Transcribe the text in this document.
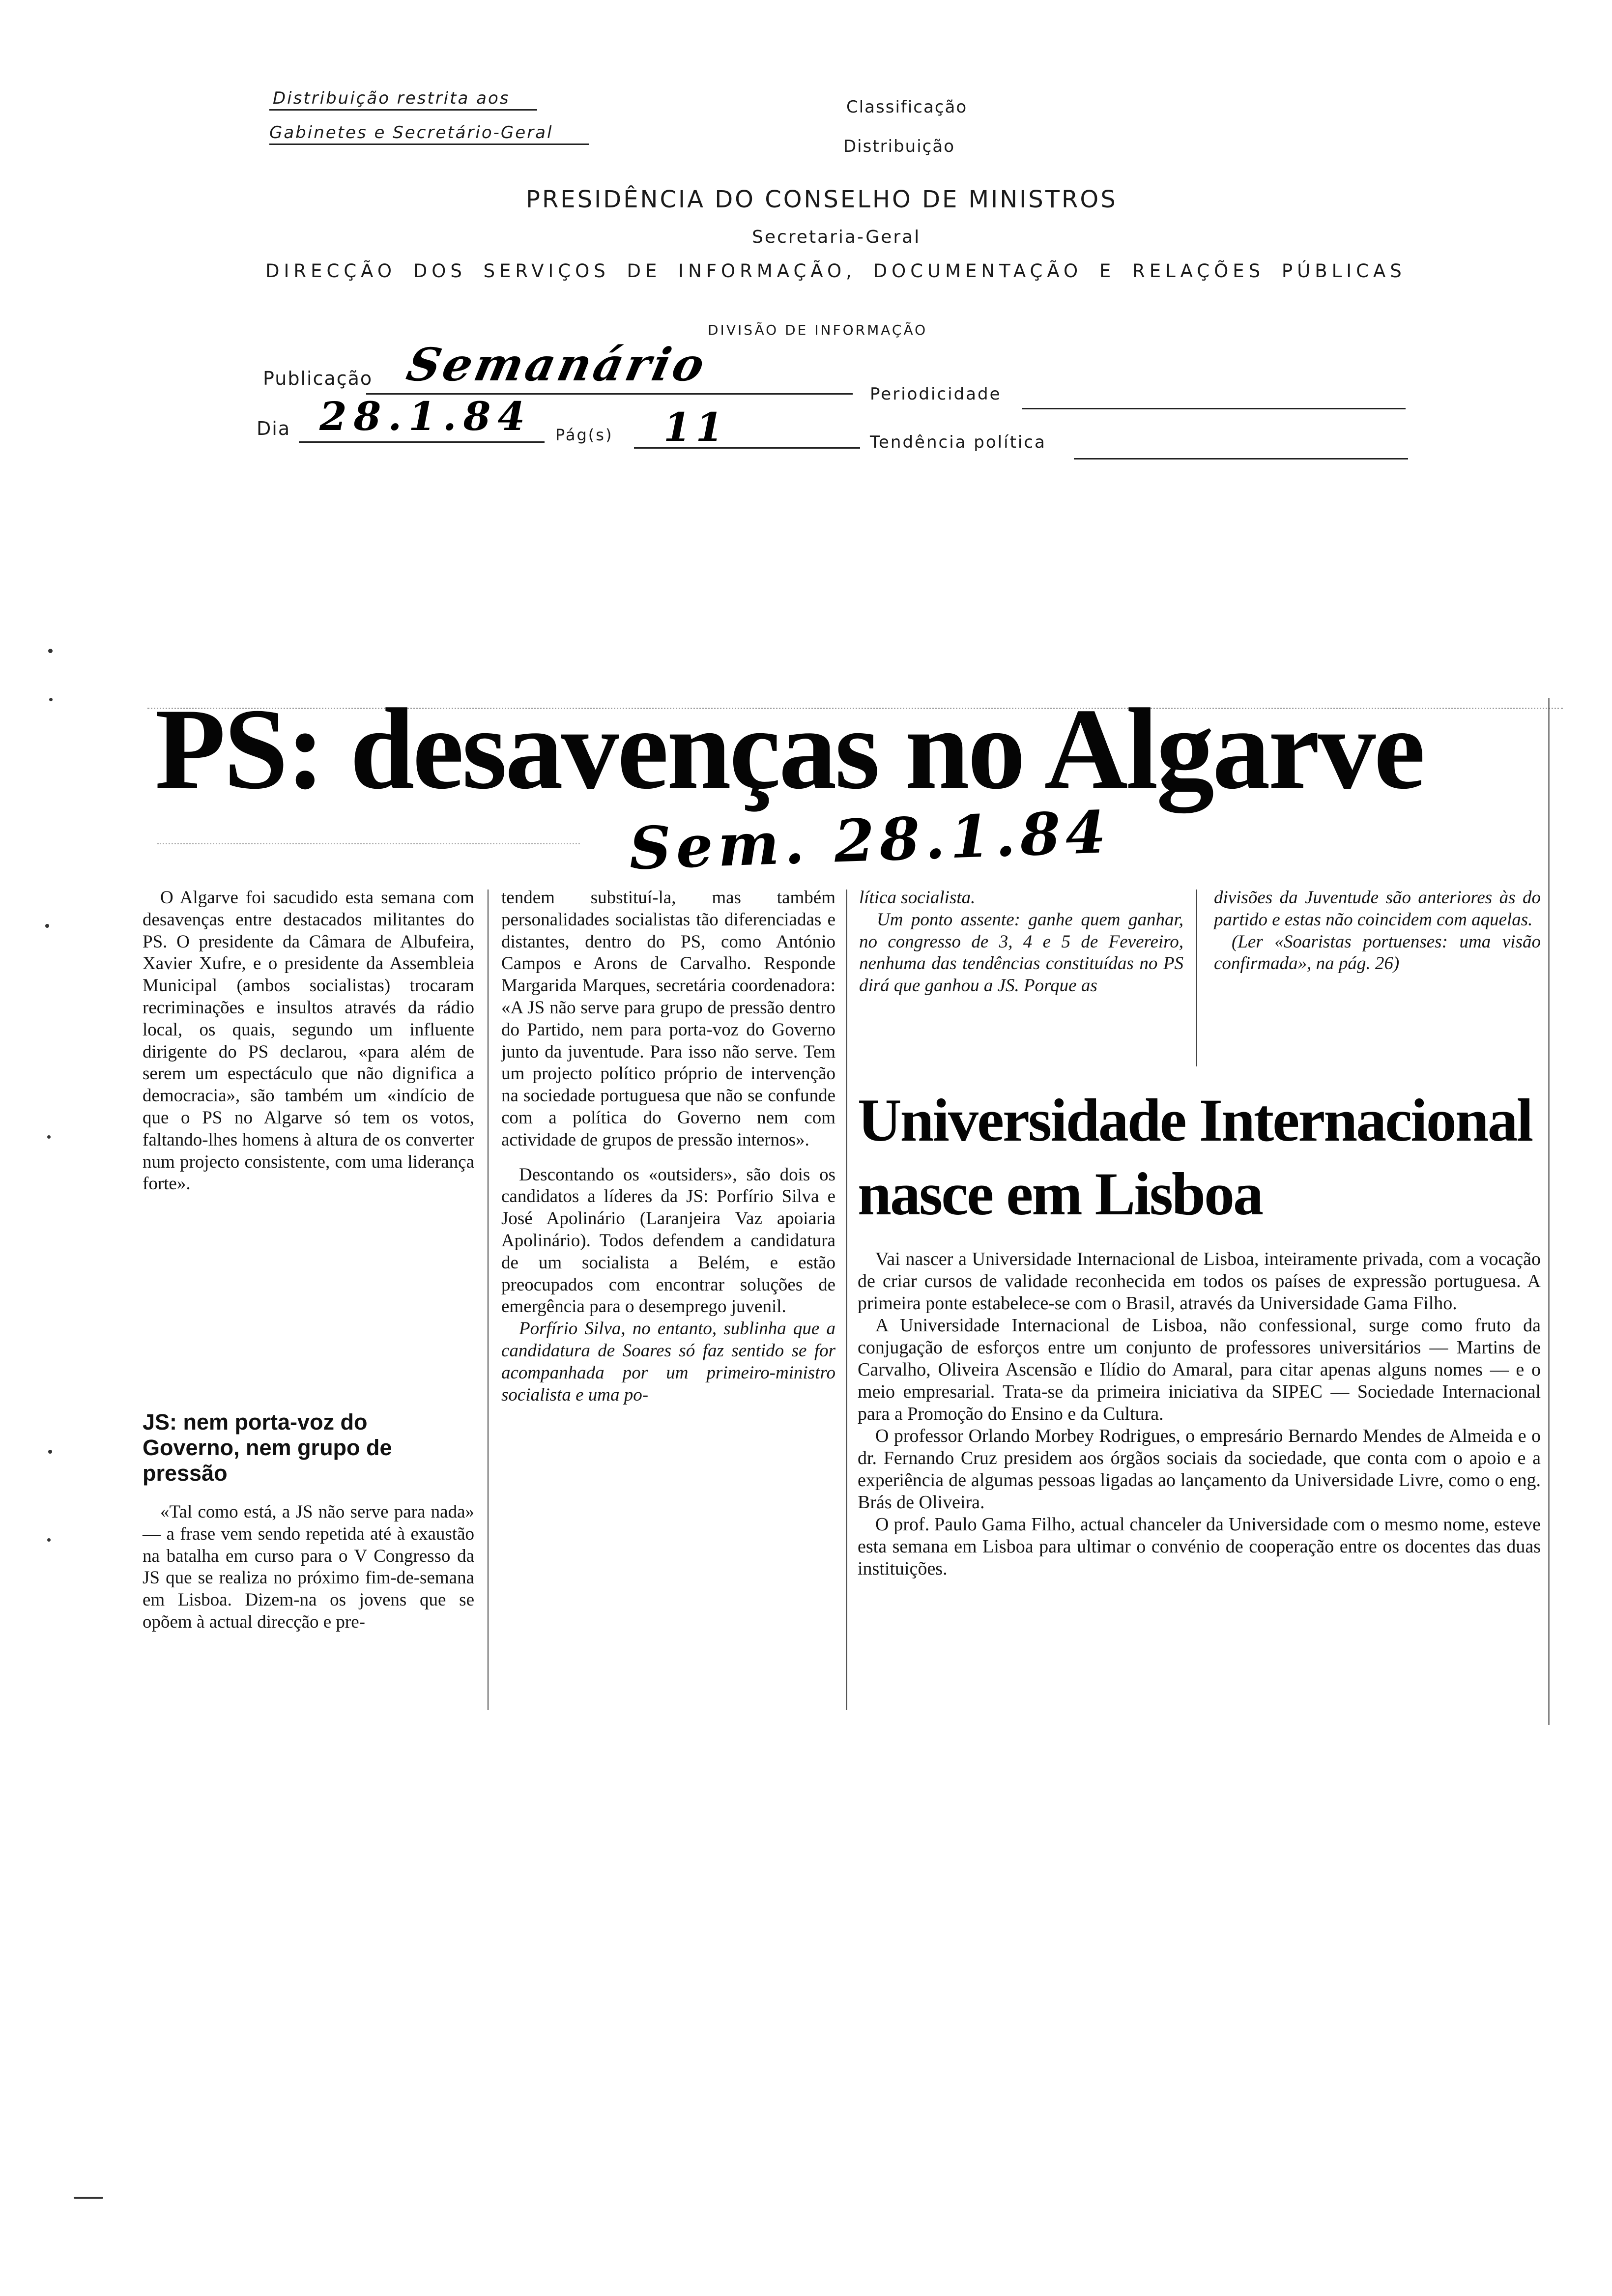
Distribuição restrita aos
Gabinetes e Secretário-Geral
Classificação
Distribuição
PRESIDÊNCIA DO CONSELHO DE MINISTROS
Secretaria-Geral
DIRECÇÃO DOS SERVIÇOS DE INFORMAÇÃO, DOCUMENTAÇÃO E RELAÇÕES PÚBLICAS
DIVISÃO DE INFORMAÇÃO
Publicação Semanário
Periodicidade
Dia 28.1.84 Pág(s) 11	Tendência política
PS: desavenças no Algarve
Sem. 28.1.84

O Algarve foi sacudido esta semana com desavenças entre destacados militantes do PS. O presidente da Câmara de Albufeira, Xavier Xufre, e o presidente da Assembleia Municipal (ambos socialistas) trocaram recriminações e insultos através da rádio local, os quais, segundo um influente dirigente do PS declarou, «para além de serem um espectáculo que não dignifica a democracia», são também um «indício de que o PS no Algarve só tem os votos, faltando-lhes homens à altura de os converter num projecto consistente, com uma liderança forte».

JS: nem porta-voz do Governo, nem grupo de pressão

«Tal como está, a JS não serve para nada» — a frase vem sendo repetida até à exaustão na batalha em curso para o V Congresso da JS que se realiza no próximo fim-de-semana em Lisboa. Dizem-na os jovens que se opõem à actual direcção e pre-

tendem substituí-la, mas também personalidades socialistas tão diferenciadas e distantes, dentro do PS, como António Campos e Arons de Carvalho. Responde Margarida Marques, secretária coordenadora: «A JS não serve para grupo de pressão dentro do Partido, nem para porta-voz do Governo junto da juventude. Para isso não serve. Tem um projecto político próprio de intervenção na sociedade portuguesa que não se confunde com a política do Governo nem com actividade de grupos de pressão internos».

Descontando os «outsiders», são dois os candidatos a líderes da JS: Porfírio Silva e José Apolinário (Laranjeira Vaz apoiaria Apolinário). Todos defendem a candidatura de um socialista a Belém, e estão preocupados com encontrar soluções de emergência para o desemprego juvenil.

Porfírio Silva, no entanto, sublinha que a candidatura de Soares só faz sentido se for acompanhada por um primeiro-ministro socialista e uma po-

lítica socialista.

Um ponto assente: ganhe quem ganhar, no congresso de 3, 4 e 5 de Fevereiro, nenhuma das tendências constituídas no PS dirá que ganhou a JS. Porque as

divisões da Juventude são anteriores às do partido e estas não coincidem com aquelas.

(Ler «Soaristas portuenses: uma visão confirmada», na pág. 26)

Universidade Internacional
nasce em Lisboa

Vai nascer a Universidade Internacional de Lisboa, inteiramente privada, com a vocação de criar cursos de validade reconhecida em todos os países de expressão portuguesa. A primeira ponte estabelece-se com o Brasil, através da Universidade Gama Filho.

A Universidade Internacional de Lisboa, não confessional, surge como fruto da conjugação de esforços entre um conjunto de professores universitários — Martins de Carvalho, Oliveira Ascensão e Ilídio do Amaral, para citar apenas alguns nomes — e o meio empresarial. Trata-se da primeira iniciativa da SIPEC — Sociedade Internacional para a Promoção do Ensino e da Cultura.

O professor Orlando Morbey Rodrigues, o empresário Bernardo Mendes de Almeida e o dr. Fernando Cruz presidem aos órgãos sociais da sociedade, que conta com o apoio e a experiência de algumas pessoas ligadas ao lançamento da Universidade Livre, como o eng. Brás de Oliveira.

O prof. Paulo Gama Filho, actual chanceler da Universidade com o mesmo nome, esteve esta semana em Lisboa para ultimar o convénio de cooperação entre os docentes das duas instituições.
